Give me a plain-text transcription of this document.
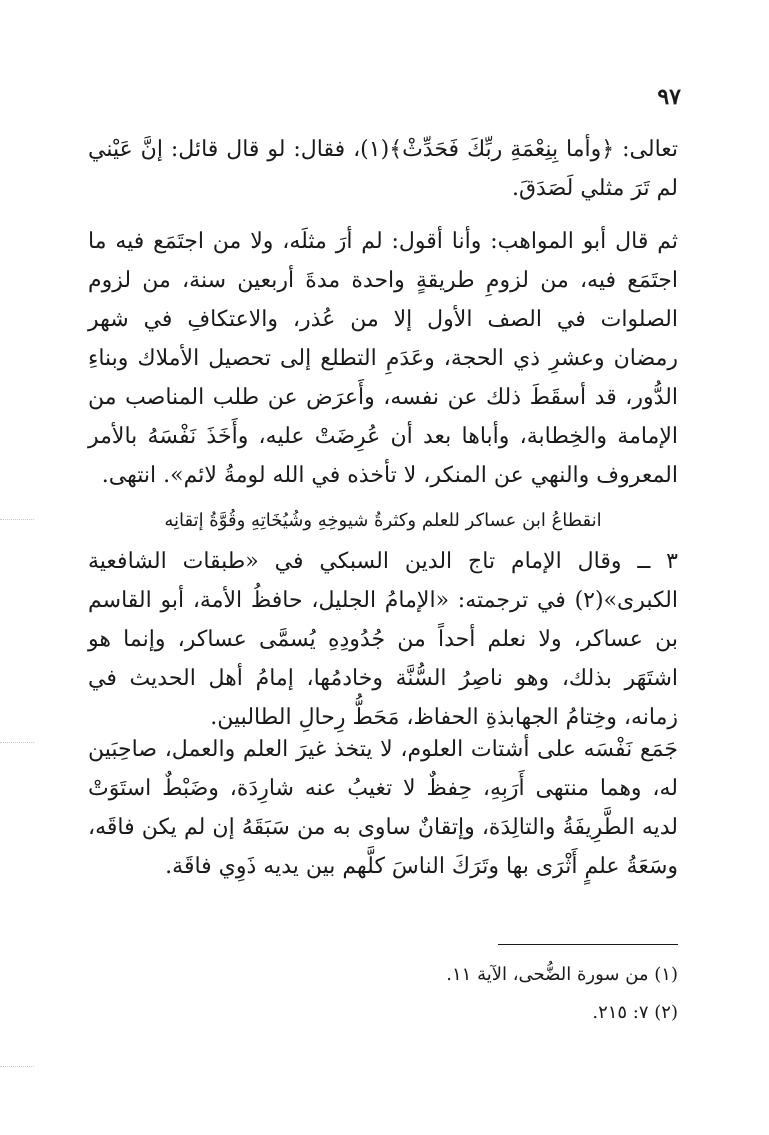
٩٧

تعالى: ﴿وأما بِنِعْمَةِ ربِّكَ فَحَدِّثْ﴾(١)، فقال: لو قال قائل: إنَّ عَيْني لم تَرَ مثلي لَصَدَقَ.

ثم قال أبو المواهب: وأنا أقول: لم أرَ مثلَه، ولا من اجتَمَع فيه ما اجتَمَع فيه، من لزومِ طريقةٍ واحدة مدةَ أربعين سنة، من لزوم الصلوات في الصف الأول إلا من عُذر، والاعتكافِ في شهر رمضان وعشرِ ذي الحجة، وعَدَمِ التطلع إلى تحصيل الأملاك وبناءِ الدُّور، قد أسقَطَ ذلك عن نفسه، وأَعرَض عن طلب المناصب من الإمامة والخِطابة، وأباها بعد أن عُرِضَتْ عليه، وأَخَذَ نَفْسَهُ بالأمر المعروف والنهي عن المنكر، لا تأخذه في الله لومةُ لائم». انتهى.

انقطاعُ ابن عساكر للعلم وكثرةُ شيوخِهِ وشُيُخَاتِهِ وقُوَّةُ إتقانِه

٣ ــ وقال الإمام تاج الدين السبكي في «طبقات الشافعية الكبرى»(٢) في ترجمته: «الإمامُ الجليل، حافظُ الأمة، أبو القاسم بن عساكر، ولا نعلم أحداً من جُدُودِهِ يُسمَّى عساكر، وإنما هو اشتَهَر بذلك، وهو ناصِرُ السُّنَّة وخادمُها، إمامُ أهل الحديث في زمانه، وخِتامُ الجهابذةِ الحفاظ، مَحَطُّ رِحالِ الطالبين.

جَمَع نَفْسَه على أشتات العلوم، لا يتخذ غيرَ العلم والعمل، صاحِبَين له، وهما منتهى أَرَبِهِ، حِفظٌ لا تغيبُ عنه شارِدَة، وضَبْطٌ استَوَتْ لديه الطَّرِيفَةُ والتالِدَة، وإتقانٌ ساوى به من سَبَقَهُ إن لم يكن فاقَه، وسَعَةُ علمٍ أَثْرَى بها وتَرَكَ الناسَ كلَّهم بين يديه ذَوِي فاقَة.

(١) من سورة الضُّحى، الآية ١١.

(٢) ٧: ٢١٥.
